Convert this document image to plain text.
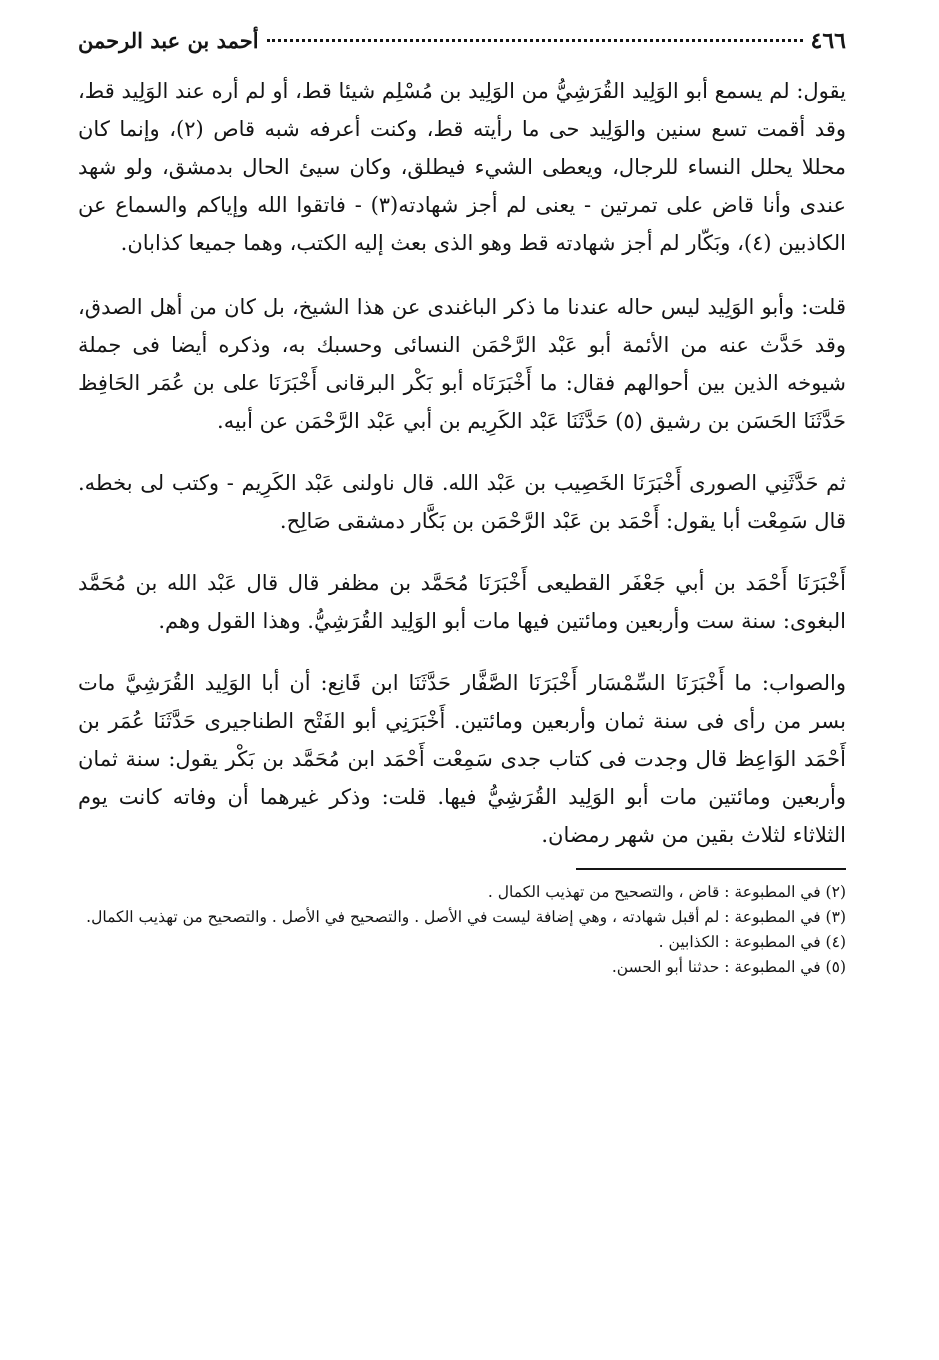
٤٦٦
أحمد بن عبد الرحمن

يقول: لم يسمع أبو الوَلِيد القُرَشِيُّ من الوَلِيد بن مُسْلِم شيئا قط، أو لم أره عند الوَلِيد قط، وقد أقمت تسع سنين والوَلِيد حى ما رأيته قط، وكنت أعرفه شبه قاص (٢)، وإنما كان محللا يحلل النساء للرجال، ويعطى الشيء فيطلق، وكان سيئ الحال بدمشق، ولو شهد عندى وأنا قاض على تمرتين - يعنى لم أجز شهادته(٣) - فاتقوا الله وإياكم والسماع عن الكاذبين (٤)، وبَكّار لم أجز شهادته قط وهو الذى بعث إليه الكتب، وهما جميعا كذابان.

قلت: وأبو الوَلِيد ليس حاله عندنا ما ذكر الباغندى عن هذا الشيخ، بل كان من أهل الصدق، وقد حَدَّث عنه من الأئمة أبو عَبْد الرَّحْمَن النسائى وحسبك به، وذكره أيضا فى جملة شيوخه الذين بين أحوالهم فقال: ما أَخْبَرَنَاه أبو بَكْر البرقانى أَخْبَرَنَا على بن عُمَر الحَافِظ حَدَّثَنَا الحَسَن بن رشيق (٥) حَدَّثَنَا عَبْد الكَرِيم بن أبي عَبْد الرَّحْمَن عن أبيه.

ثم حَدَّثَنِي الصورى أَخْبَرَنَا الخَصِيب بن عَبْد الله. قال ناولنى عَبْد الكَرِيم - وكتب لى بخطه. قال سَمِعْت أبا يقول: أَحْمَد بن عَبْد الرَّحْمَن بن بَكَّار دمشقى صَالِح.

أَخْبَرَنَا أَحْمَد بن أبي جَعْفَر القطيعى أَخْبَرَنَا مُحَمَّد بن مظفر قال قال عَبْد الله بن مُحَمَّد البغوى: سنة ست وأربعين ومائتين فيها مات أبو الوَلِيد القُرَشِيُّ. وهذا القول وهم.

والصواب: ما أَخْبَرَنَا السِّمْسَار أَخْبَرَنَا الصَّفَّار حَدَّثَنَا ابن قَانِع: أن أبا الوَلِيد القُرَشِيَّ مات بسر من رأى فى سنة ثمان وأربعين ومائتين. أَخْبَرَنِي أبو الفَتْح الطناجيرى حَدَّثَنَا عُمَر بن أَحْمَد الوَاعِظ قال وجدت فى كتاب جدى سَمِعْت أَحْمَد ابن مُحَمَّد بن بَكْر يقول: سنة ثمان وأربعين ومائتين مات أبو الوَلِيد القُرَشِيُّ فيها. قلت: وذكر غيرهما أن وفاته كانت يوم الثلاثاء لثلاث بقين من شهر رمضان.

(٢) في المطبوعة : قاض ، والتصحيح من تهذيب الكمال .

(٣) في المطبوعة : لم أقبل شهادته ، وهي إضافة ليست في الأصل . والتصحيح في الأصل . والتصحيح من تهذيب الكمال.

(٤) في المطبوعة : الكذابين .

(٥) في المطبوعة : حدثنا أبو الحسن.
